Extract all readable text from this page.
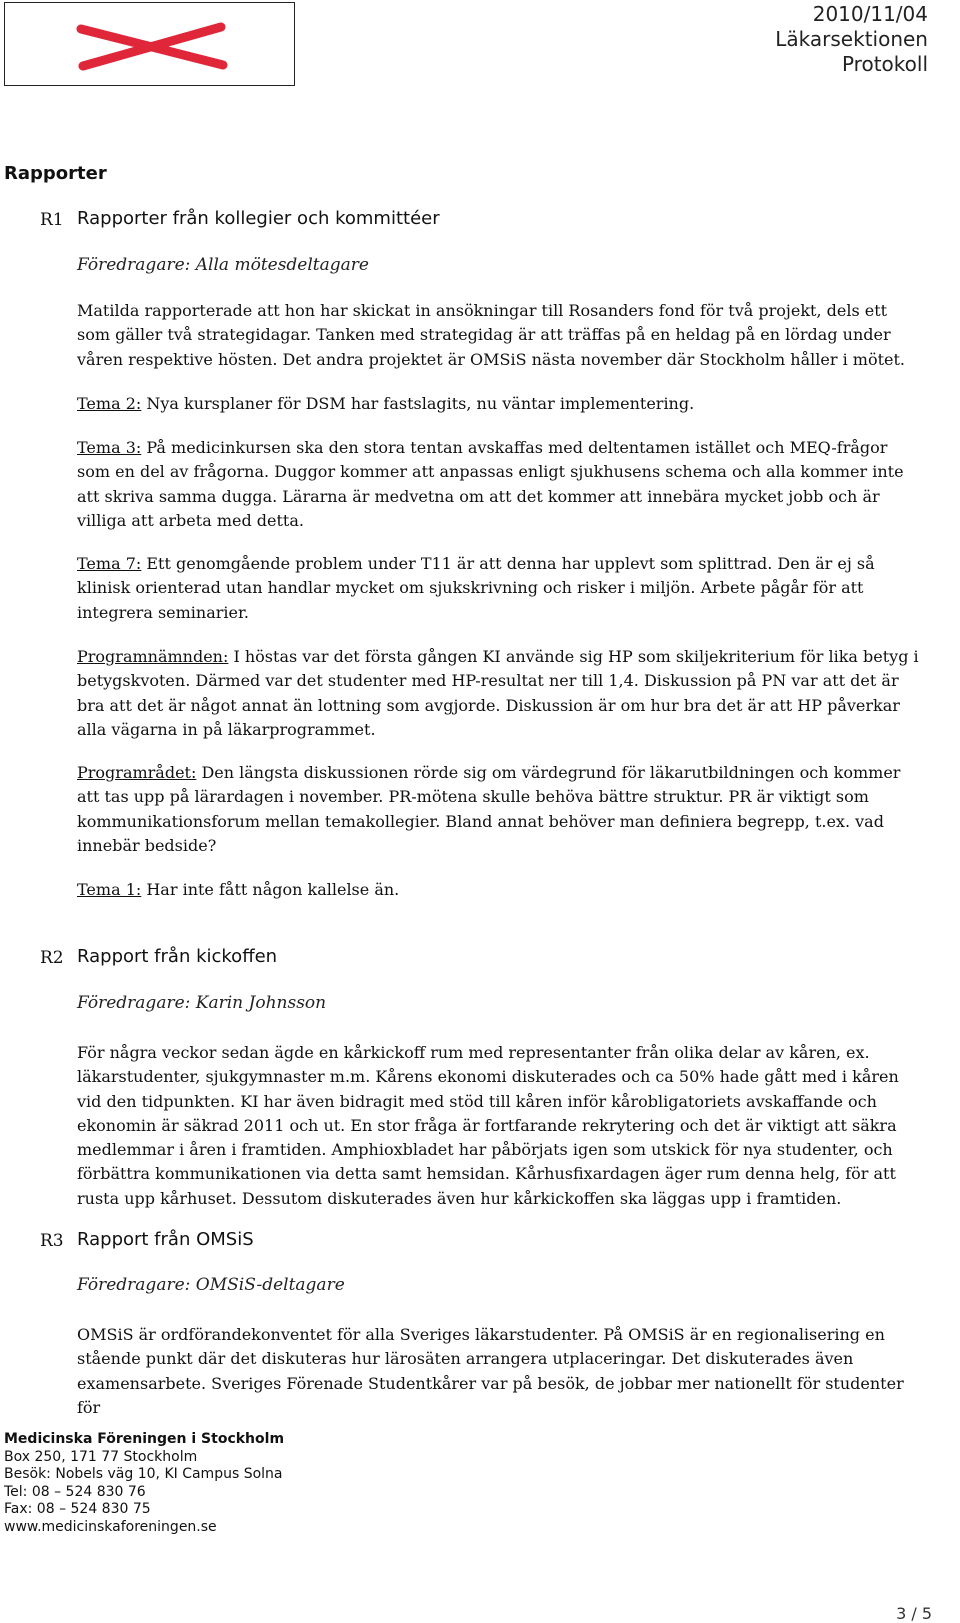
2010/11/04
Läkarsektionen
Protokoll
Rapporter
R1 Rapporter från kollegier och kommittéer
Föredragare: Alla mötesdeltagare
Matilda rapporterade att hon har skickat in ansökningar till Rosanders fond för två projekt, dels ett som gäller två strategidagar. Tanken med strategidag är att träffas på en heldag på en lördag under våren respektive hösten. Det andra projektet är OMSiS nästa november där Stockholm håller i mötet.
Tema 2: Nya kursplaner för DSM har fastslagits, nu väntar implementering.
Tema 3: På medicinkursen ska den stora tentan avskaffas med deltentamen istället och MEQ-frågor som en del av frågorna. Duggor kommer att anpassas enligt sjukhusens schema och alla kommer inte att skriva samma dugga. Lärarna är medvetna om att det kommer att innebära mycket jobb och är villiga att arbeta med detta.
Tema 7: Ett genomgående problem under T11 är att denna har upplevt som splittrad. Den är ej så klinisk orienterad utan handlar mycket om sjukskrivning och risker i miljön. Arbete pågår för att integrera seminarier.
Programnämnden: I höstas var det första gången KI använde sig HP som skiljekriterium för lika betyg i betygskvoten. Därmed var det studenter med HP-resultat ner till 1,4. Diskussion på PN var att det är bra att det är något annat än lottning som avgjorde. Diskussion är om hur bra det är att HP påverkar alla vägarna in på läkarprogrammet.
Programrådet: Den längsta diskussionen rörde sig om värdegrund för läkarutbildningen och kommer att tas upp på lärardagen i november. PR-mötena skulle behöva bättre struktur. PR är viktigt som kommunikationsforum mellan temakollegier. Bland annat behöver man definiera begrepp, t.ex. vad innebär bedside?
Tema 1: Har inte fått någon kallelse än.
R2 Rapport från kickoffen
Föredragare: Karin Johnsson
För några veckor sedan ägde en kårkickoff rum med representanter från olika delar av kåren, ex. läkarstudenter, sjukgymnaster m.m. Kårens ekonomi diskuterades och ca 50% hade gått med i kåren vid den tidpunkten. KI har även bidragit med stöd till kåren inför kårobligatoriets avskaffande och ekonomin är säkrad 2011 och ut. En stor fråga är fortfarande rekrytering och det är viktigt att säkra medlemmar i åren i framtiden. Amphioxbladet har påbörjats igen som utskick för nya studenter, och förbättra kommunikationen via detta samt hemsidan. Kårhusfixardagen äger rum denna helg, för att rusta upp kårhuset. Dessutom diskuterades även hur kårkickoffen ska läggas upp i framtiden.
R3 Rapport från OMSiS
Föredragare: OMSiS-deltagare
OMSiS är ordförandekonventet för alla Sveriges läkarstudenter. På OMSiS är en regionalisering en stående punkt där det diskuteras hur lärosäten arrangera utplaceringar. Det diskuterades även examensarbete. Sveriges Förenade Studentkårer var på besök, de jobbar mer nationellt för studenter för
Medicinska Föreningen i Stockholm
Box 250, 171 77 Stockholm
Besök: Nobels väg 10, KI Campus Solna
Tel: 08 – 524 830 76
Fax: 08 – 524 830 75
www.medicinskaforeningen.se
3 / 5
